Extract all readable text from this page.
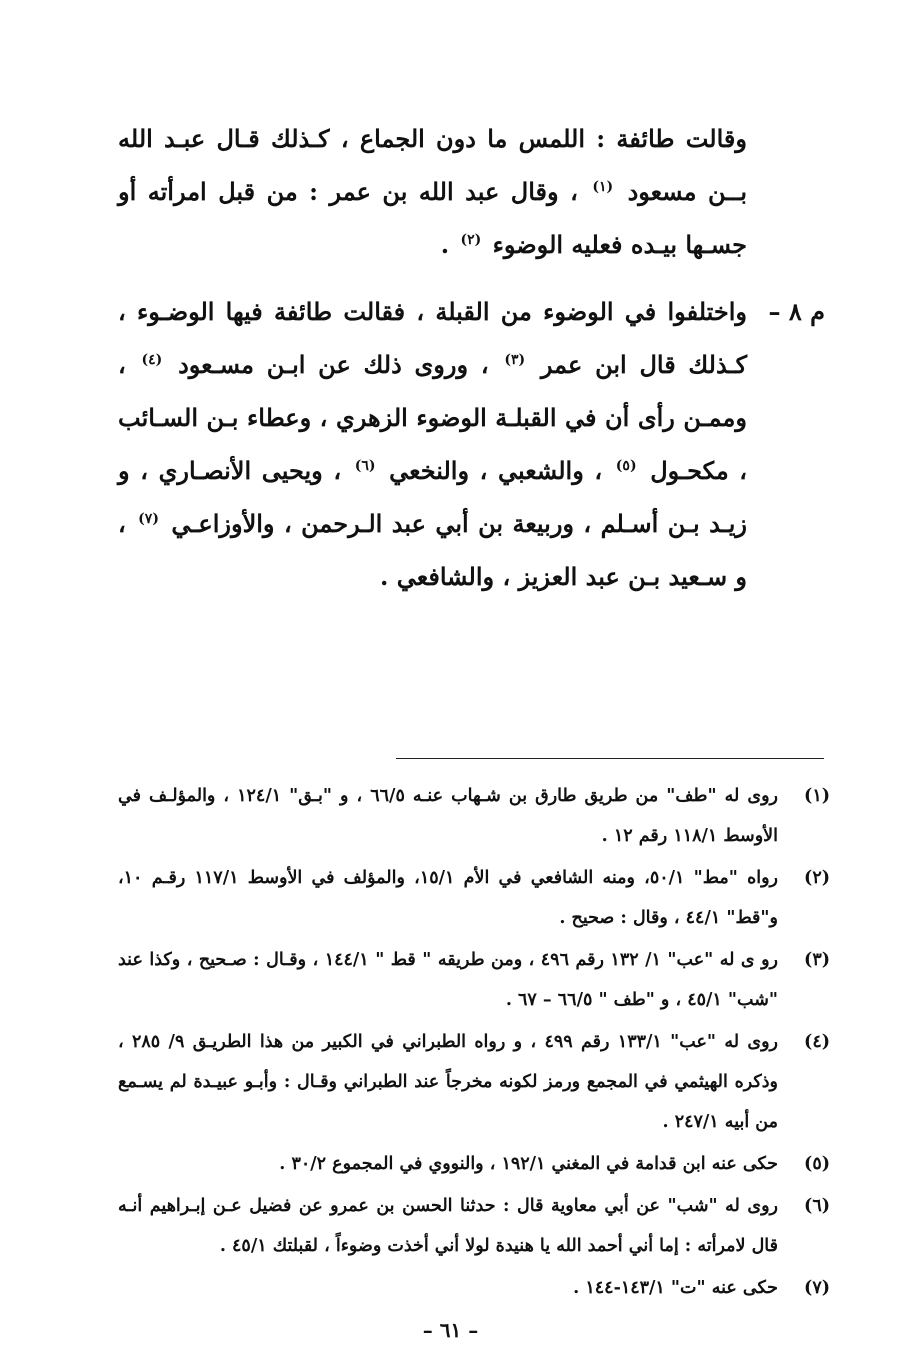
وقالت طائفة : اللمس ما دون الجماع ، كـذلك قـال عبـد الله بــن مسعود $^{(١)}$ ، وقال عبد الله بن عمر : من قبل امرأته أو جسـها بيـده فعليه الوضوء $^{(٢)}$ .

م ٨ –

واختلفوا في الوضوء من القبلة ، فقالت طائفة فيها الوضـوء ، كـذلك قال ابن عمر $^{(٣)}$ ، وروى ذلك عن ابـن مسـعود $^{(٤)}$ ، وممـن رأى أن في القبلـة الوضوء الزهري ، وعطاء بـن السـائب ، مكحـول $^{(٥)}$ ، والشعبي ، والنخعي $^{(٦)}$ ، ويحيى الأنصـاري ، و زيـد بـن أسـلم ، وربيعة بن أبي عبد الـرحمن ، والأوزاعـي $^{(٧)}$ ، و سـعيد بـن عبد العزيز ، والشافعي .

(١)
روى له "طف" من طريق طارق بن شـهاب عنـه ٦٦/٥ ، و "بـق" ١٢٤/١ ، والمؤلـف في الأوسط ١١٨/١ رقم ١٢ .
(٢)
رواه "مط" ٥٠/١، ومنه الشافعي في الأم ١٥/١، والمؤلف في الأوسط ١١٧/١ رقـم ١٠، و"قط" ٤٤/١ ، وقال : صحيح .
(٣)
رو ى له "عب" ١/ ١٣٢ رقم ٤٩٦ ، ومن طريقه " قط " ١٤٤/١ ، وقـال : صـحيح ، وكذا عند "شب" ٤٥/١ ، و "طف " ٦٦/٥ – ٦٧ .
(٤)
روى له "عب" ١٣٣/١ رقم ٤٩٩ ، و رواه الطبراني في الكبير من هذا الطريـق ٩/ ٢٨٥ ، وذكره الهيثمي في المجمع ورمز لكونه مخرجاً عند الطبراني وقـال : وأبـو عبيـدة لم يسـمع من أبيه ٢٤٧/١ .
(٥)
حكى عنه ابن قدامة في المغني ١٩٢/١ ، والنووي في المجموع ٣٠/٢ .
(٦)
روى له "شب" عن أبي معاوية قال : حدثنا الحسن بن عمرو عن فضيل عـن إبـراهيم أنـه قال لامرأته : إما أني أحمد الله يا هنيدة لولا أني أخذت وضوءاً ، لقبلتك ٤٥/١ .
(٧)
حكى عنه "ت" ١٤٣/١-١٤٤ .
– ٦١ –
